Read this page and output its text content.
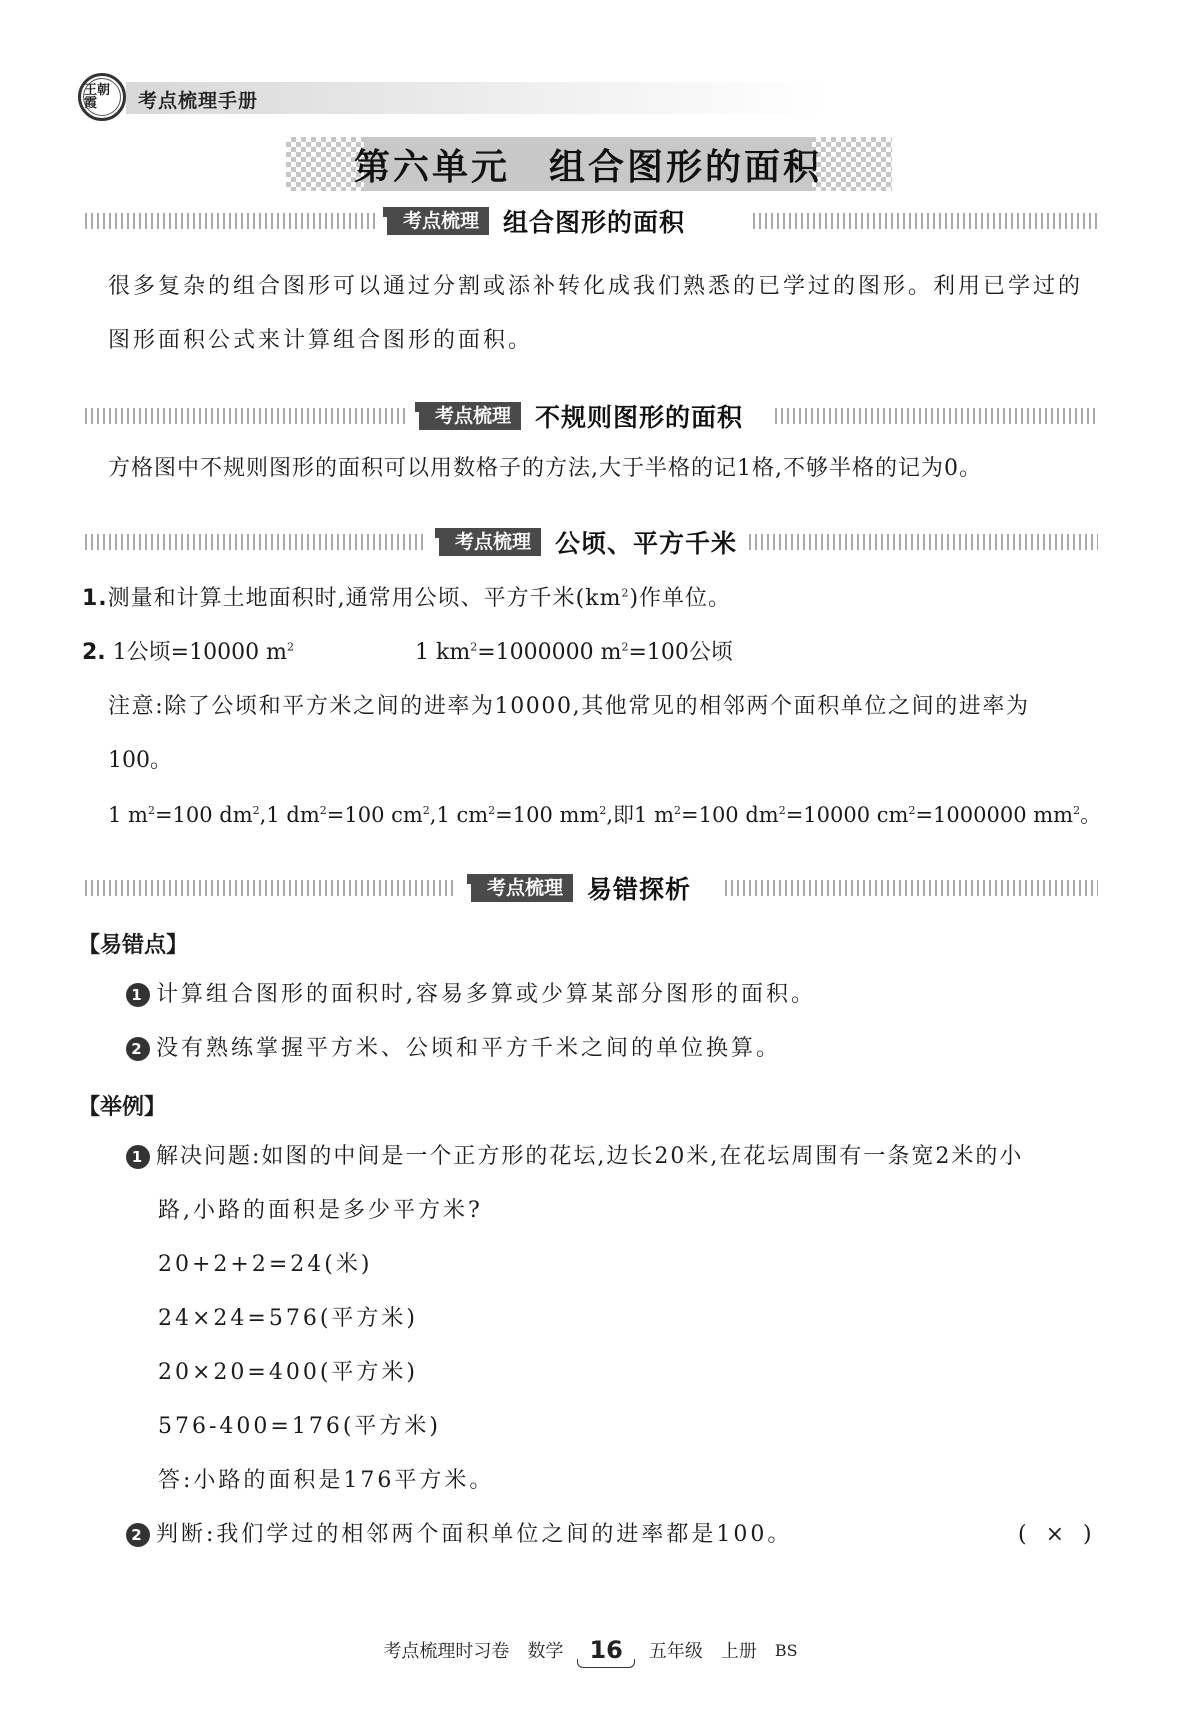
王朝霞	考点梳理手册
第六单元　组合图形的面积
考点梳理 组合图形的面积
很多复杂的组合图形可以通过分割或添补转化成我们熟悉的已学过的图形。利用已学过的
图形面积公式来计算组合图形的面积。
考点梳理 不规则图形的面积
方格图中不规则图形的面积可以用数格子的方法,大于半格的记1格,不够半格的记为0。
考点梳理 公顷、平方千米
1.测量和计算土地面积时,通常用公顷、平方千米$(km^2)$作单位。
2. 1公顷=10000 $m^2$	1 $km^2=1000000$ $m^2=100$公顷
注意:除了公顷和平方米之间的进率为10000,其他常见的相邻两个面积单位之间的进率为
100。
1 $m^2=100$ $dm^2,1$ $dm^2=100$ $cm^2,1$ $cm^2=100$ $mm^2$,即1 $m^2=100$ $dm^2=10000$ $cm^2=1000000$ $mm^2$。
考点梳理 易错探析
【易错点】
1 计算组合图形的面积时,容易多算或少算某部分图形的面积。
2 没有熟练掌握平方米、公顷和平方千米之间的单位换算。
【举例】
1 解决问题:如图的中间是一个正方形的花坛,边长20米,在花坛周围有一条宽2米的小
路,小路的面积是多少平方米?
20+2+2=24(米)
24×24=576(平方米)
20×20=400(平方米)
576-400=176(平方米)
答:小路的面积是176平方米。
2 判断:我们学过的相邻两个面积单位之间的进率都是100。	( × )
考点梳理时习卷 数学	16	五年级 上册 BS
